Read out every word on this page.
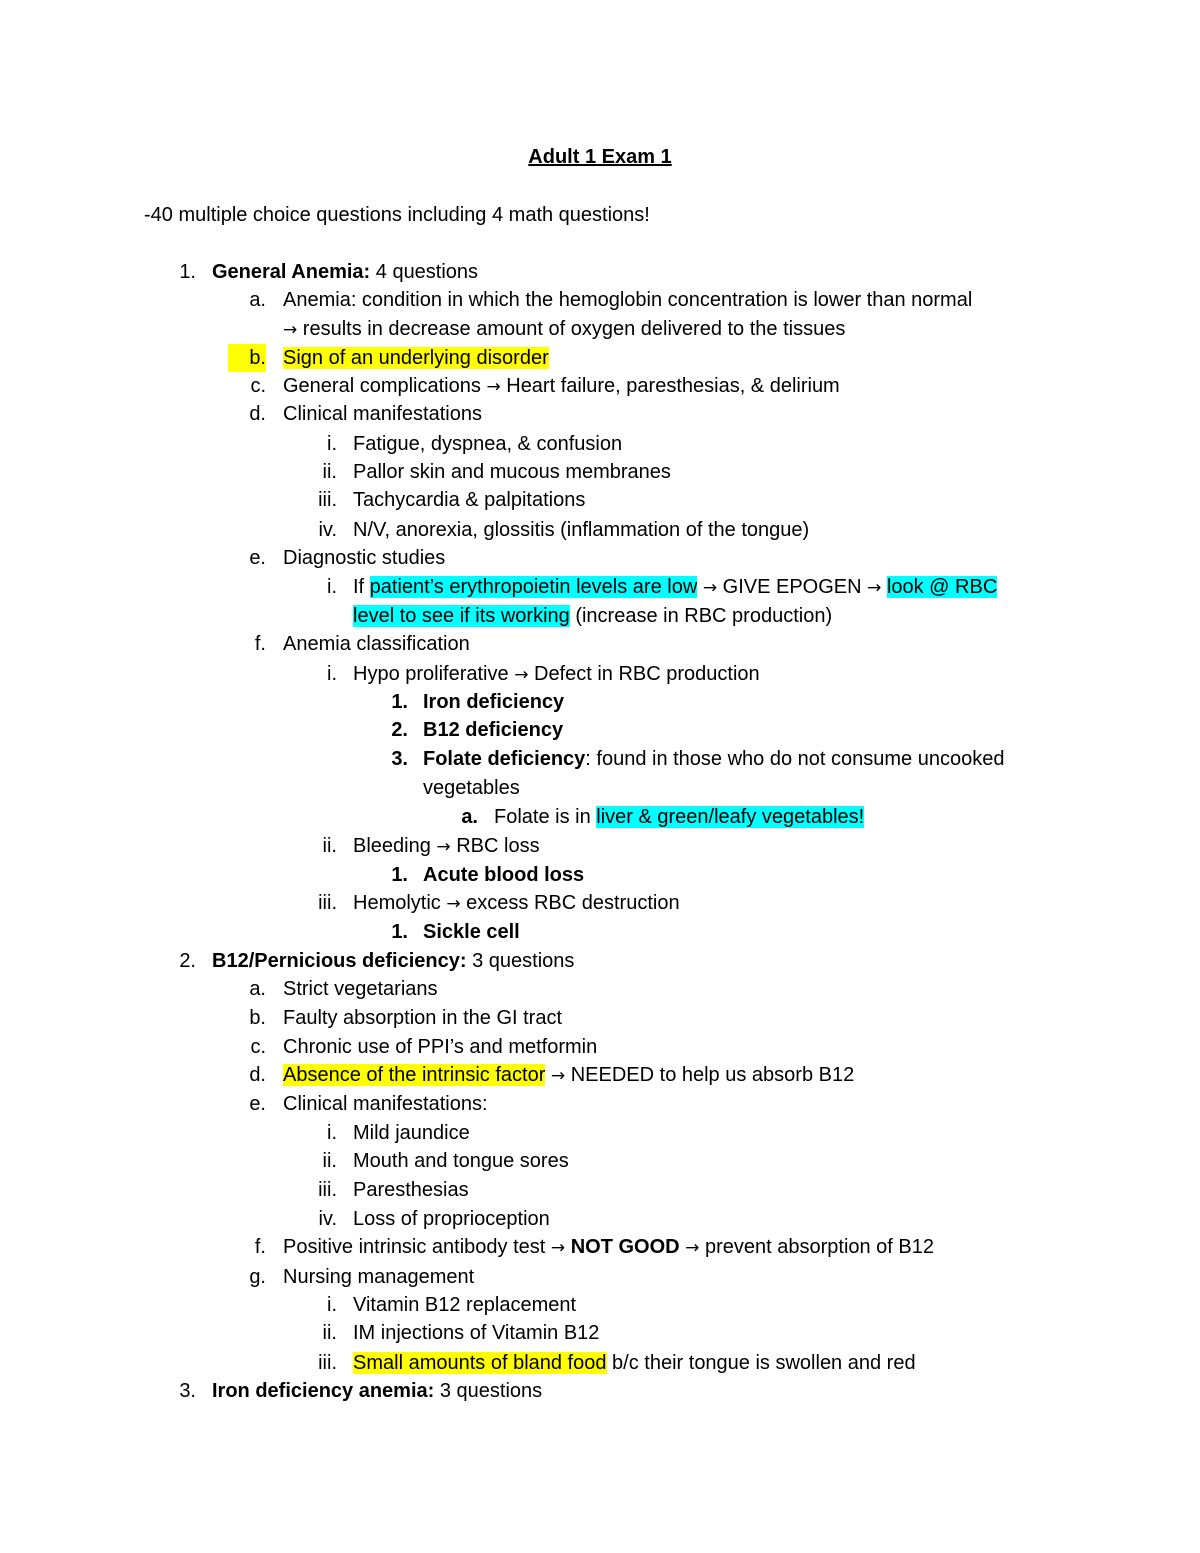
Adult 1 Exam 1
-40 multiple choice questions including 4 math questions!
1. General Anemia: 4 questions
a. Anemia: condition in which the hemoglobin concentration is lower than normal
→ results in decrease amount of oxygen delivered to the tissues
b. Sign of an underlying disorder
c. General complications → Heart failure, paresthesias, & delirium
d. Clinical manifestations
i. Fatigue, dyspnea, & confusion
ii. Pallor skin and mucous membranes
iii. Tachycardia & palpitations
iv. N/V, anorexia, glossitis (inflammation of the tongue)
e. Diagnostic studies
i. If patient’s erythropoietin levels are low → GIVE EPOGEN → look @ RBC
level to see if its working (increase in RBC production)
f. Anemia classification
i. Hypo proliferative → Defect in RBC production
1. Iron deficiency
2. B12 deficiency
3. Folate deficiency: found in those who do not consume uncooked
vegetables
a. Folate is in liver & green/leafy vegetables!
ii. Bleeding → RBC loss
1. Acute blood loss
iii. Hemolytic → excess RBC destruction
1. Sickle cell
2. B12/Pernicious deficiency: 3 questions
a. Strict vegetarians
b. Faulty absorption in the GI tract
c. Chronic use of PPI’s and metformin
d. Absence of the intrinsic factor → NEEDED to help us absorb B12
e. Clinical manifestations:
i. Mild jaundice
ii. Mouth and tongue sores
iii. Paresthesias
iv. Loss of proprioception
f. Positive intrinsic antibody test → NOT GOOD → prevent absorption of B12
g. Nursing management
i. Vitamin B12 replacement
ii. IM injections of Vitamin B12
iii. Small amounts of bland food b/c their tongue is swollen and red
3. Iron deficiency anemia: 3 questions
